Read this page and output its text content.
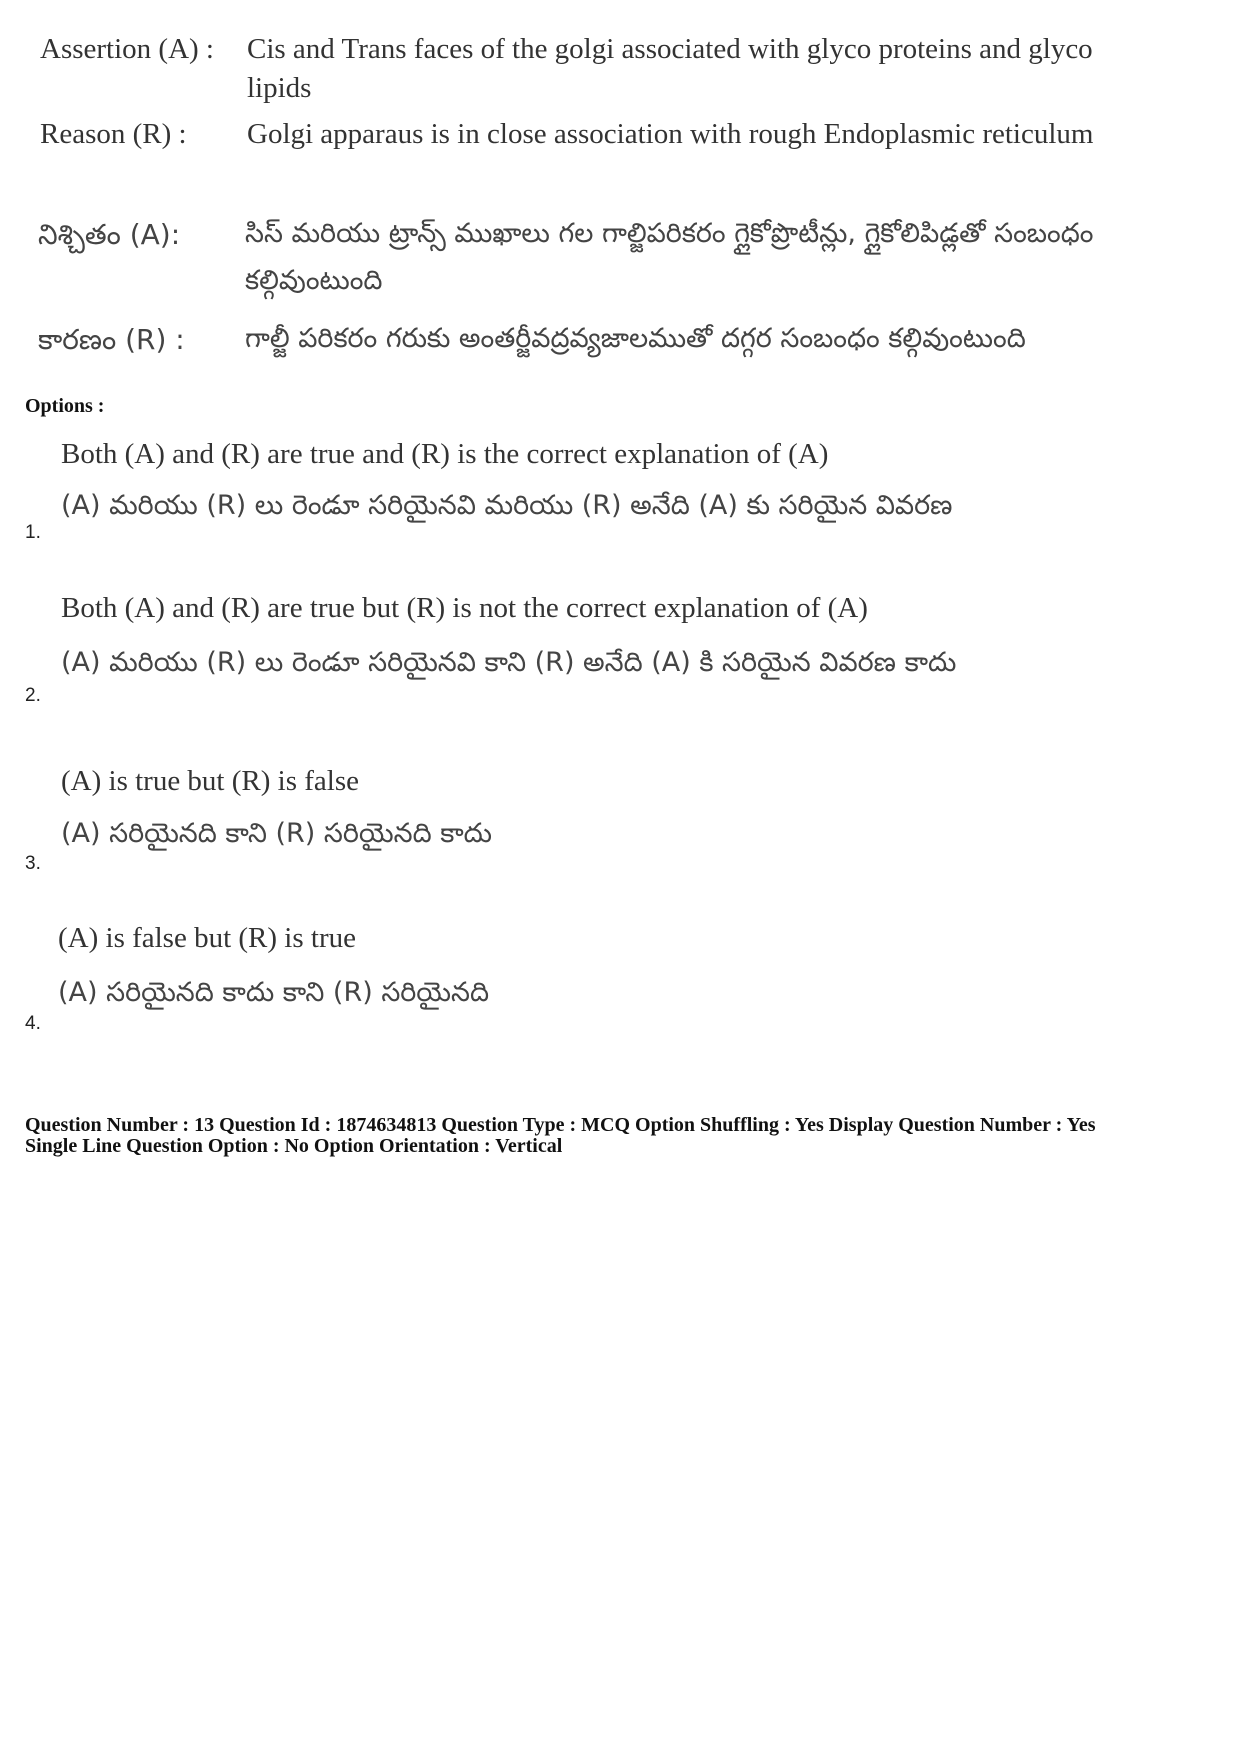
Assertion (A) : Cis and Trans faces of the golgi associated with glyco proteins and glyco
lipids
Reason (R) : Golgi apparaus is in close association with rough Endoplasmic reticulum
నిశ్చితం (A): సిస్ మరియు ట్రాన్స్ ముఖాలు గల గాల్జిపరికరం గ్లైకోప్రొటీన్లు, గ్లైకోలిపిడ్లతో సంబంధం
కల్గివుంటుంది
కారణం (R) : గాల్జీ పరికరం గరుకు అంతర్జీవద్రవ్యజాలముతో దగ్గర సంబంధం కల్గివుంటుంది
Options :
Both (A) and (R) are true and (R) is the correct explanation of (A)
(A) మరియు (R) లు రెండూ సరియైనవి మరియు (R) అనేది (A) కు సరియైన వివరణ
1.
Both (A) and (R) are true but (R) is not the correct explanation of (A)
(A) మరియు (R) లు రెండూ సరియైనవి కాని (R) అనేది (A) కి సరియైన వివరణ కాదు
2.
(A) is true but (R) is false
(A) సరియైనది కాని (R) సరియైనది కాదు
3.
(A) is false but (R) is true
(A) సరియైనది కాదు కాని (R) సరియైనది
4.
Question Number : 13 Question Id : 1874634813 Question Type : MCQ Option Shuffling : Yes Display Question Number : Yes
Single Line Question Option : No Option Orientation : Vertical
